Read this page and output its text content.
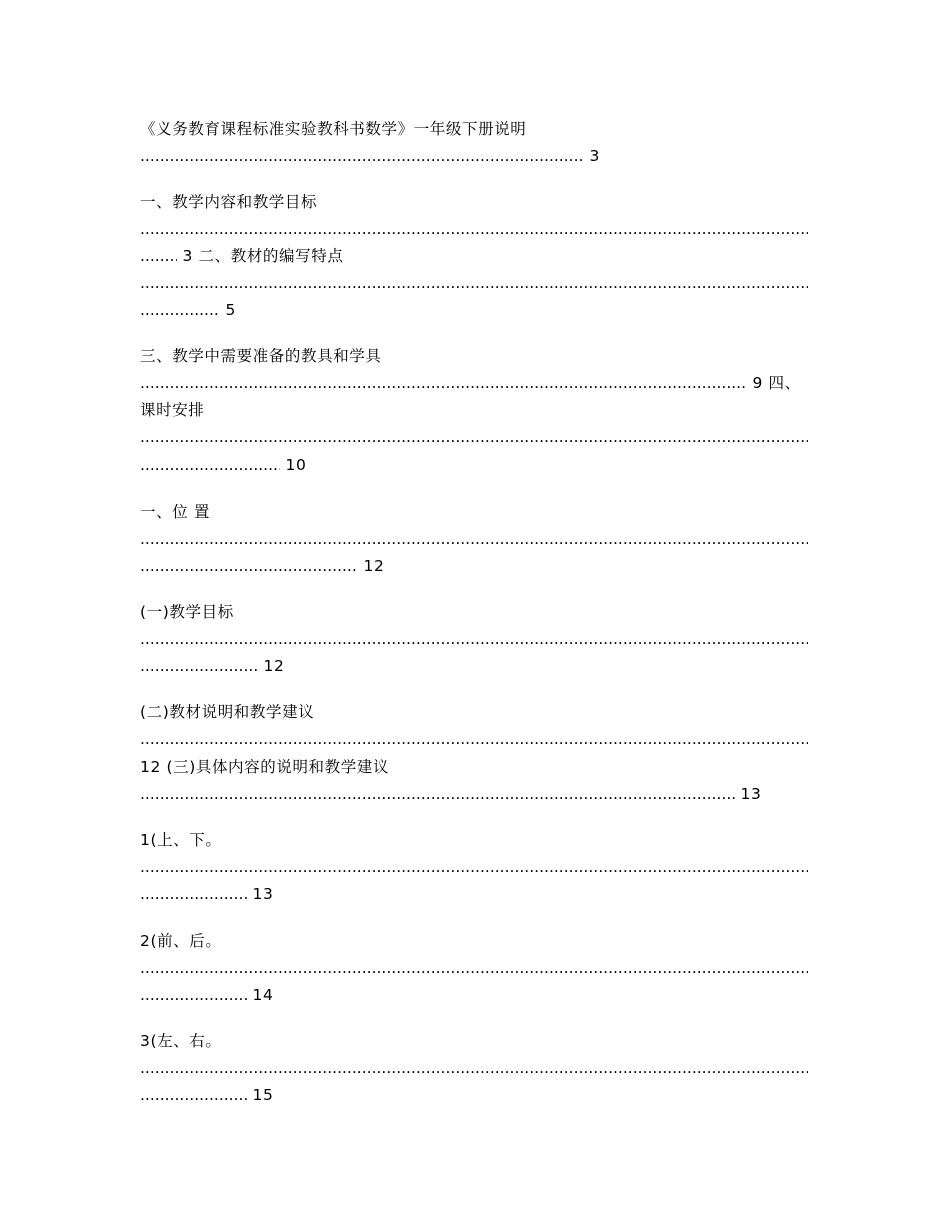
《义务教育课程标准实验教科书数学》一年级下册说明
..... 3
一、教学内容和教学目标
.....
..... 3 二、教材的编写特点
.....
..... 5
三、教学中需要准备的教具和学具
..... 9 四、
课时安排
.....
..... 10
一、位 置
.....
..... 12
(一)教学目标
.....
..... 12
(二)教材说明和教学建议
.....
12 (三)具体内容的说明和教学建议
..... 13
1(上、下。
.....
..... 13
2(前、后。
.....
..... 14
3(左、右。
.....
..... 15
